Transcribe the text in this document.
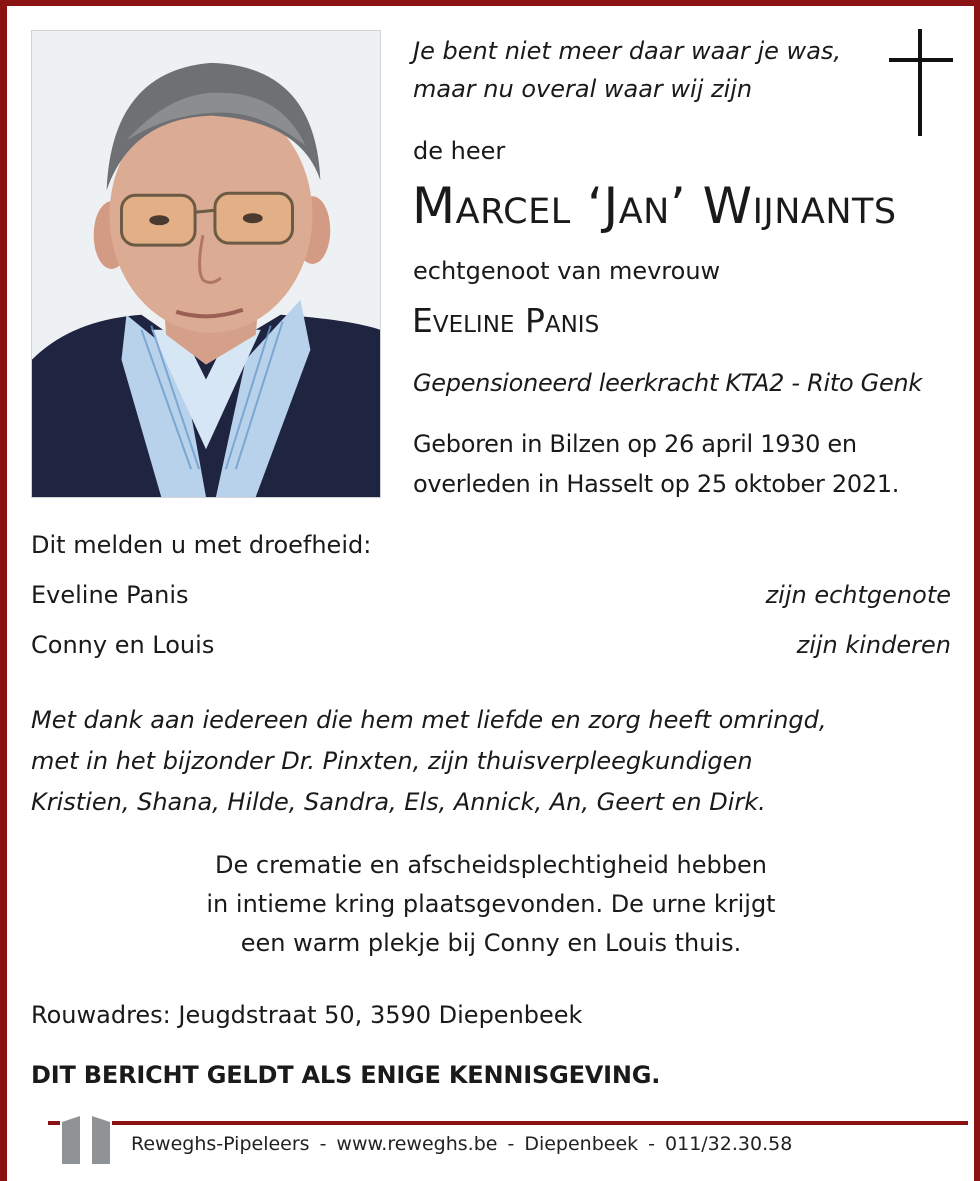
Je bent niet meer daar waar je was,
maar nu overal waar wij zijn
de heer
Marcel ‘Jan’ Wijnants
echtgenoot van mevrouw
Eveline Panis
Gepensioneerd leerkracht KTA2 - Rito Genk
Geboren in Bilzen op 26 april 1930 en
overleden in Hasselt op 25 oktober 2021.
Dit melden u met droefheid:
Eveline Panis	zijn echtgenote
Conny en Louis	zijn kinderen
Met dank aan iedereen die hem met liefde en zorg heeft omringd,
met in het bijzonder Dr. Pinxten, zijn thuisverpleegkundigen
Kristien, Shana, Hilde, Sandra, Els, Annick, An, Geert en Dirk.
De crematie en afscheidsplechtigheid hebben
in intieme kring plaatsgevonden. De urne krijgt
een warm plekje bij Conny en Louis thuis.
Rouwadres: Jeugdstraat 50, 3590 Diepenbeek
DIT BERICHT GELDT ALS ENIGE KENNISGEVING.
Reweghs-Pipeleers - www.reweghs.be - Diepenbeek - 011/32.30.58
